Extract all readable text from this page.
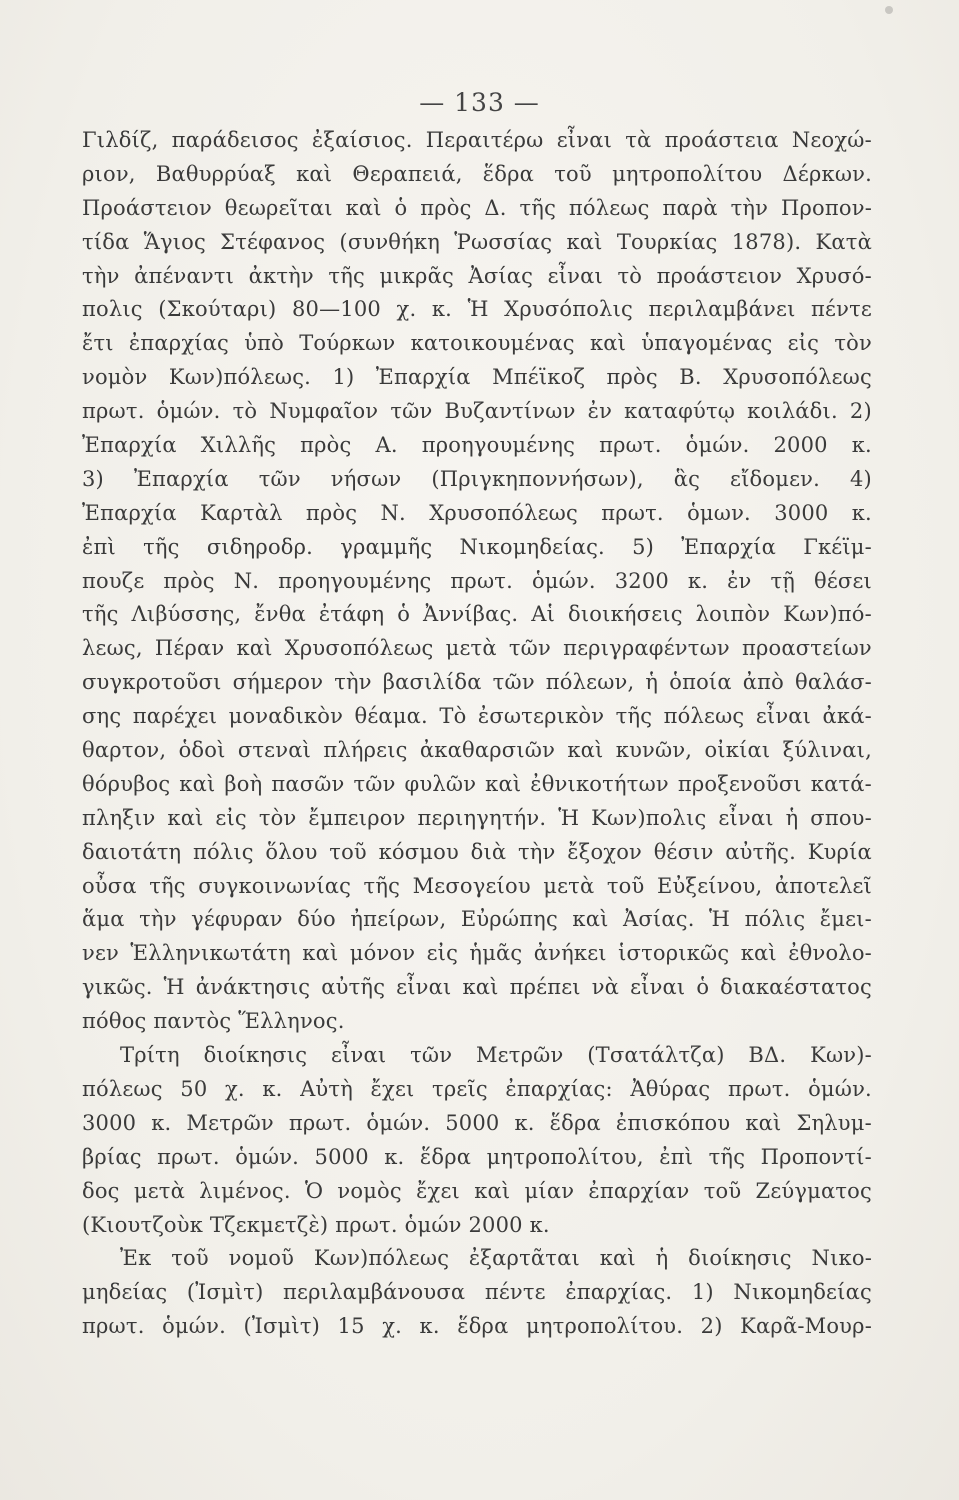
— 133 —
Γιλδίζ, παράδεισος ἐξαίσιος. Περαιτέρω εἶναι τὰ προάστεια Νεοχώ-
ριον, Βαθυρρύαξ καὶ Θεραπειά, ἕδρα τοῦ μητροπολίτου Δέρκων.
Προάστειον θεωρεῖται καὶ ὁ πρὸς Δ. τῆς πόλεως παρὰ τὴν Προπον-
τίδα Ἅγιος Στέφανος (συνθήκη Ῥωσσίας καὶ Τουρκίας 1878). Κατὰ
τὴν ἀπέναντι ἀκτὴν τῆς μικρᾶς Ἀσίας εἶναι τὸ προάστειον Χρυσό-
πολις (Σκούταρι) 80—100 χ. κ. Ἡ Χρυσόπολις περιλαμβάνει πέντε
ἔτι ἐπαρχίας ὑπὸ Τούρκων κατοικουμένας καὶ ὑπαγομένας εἰς τὸν
νομὸν Κων)πόλεως. 1) Ἐπαρχία Μπέϊκοζ πρὸς Β. Χρυσοπόλεως
πρωτ. ὁμών. τὸ Νυμφαῖον τῶν Βυζαντίνων ἐν καταφύτῳ κοιλάδι. 2)
Ἐπαρχία Χιλλῆς πρὸς Α. προηγουμένης πρωτ. ὁμών. 2000 κ.
3) Ἐπαρχία τῶν νήσων (Πριγκηποννήσων), ἃς εἴδομεν. 4)
Ἐπαρχία Καρτὰλ πρὸς Ν. Χρυσοπόλεως πρωτ. ὁμων. 3000 κ.
ἐπὶ τῆς σιδηροδρ. γραμμῆς Νικομηδείας. 5) Ἐπαρχία Γκέϊμ-
πουζε πρὸς Ν. προηγουμένης πρωτ. ὁμών. 3200 κ. ἐν τῇ θέσει
τῆς Λιβύσσης, ἔνθα ἐτάφη ὁ Ἀννίβας. Αἱ διοικήσεις λοιπὸν Κων)πό-
λεως, Πέραν καὶ Χρυσοπόλεως μετὰ τῶν περιγραφέντων προαστείων
συγκροτοῦσι σήμερον τὴν βασιλίδα τῶν πόλεων, ἡ ὁποία ἀπὸ θαλάσ-
σης παρέχει μοναδικὸν θέαμα. Τὸ ἐσωτερικὸν τῆς πόλεως εἶναι ἀκά-
θαρτον, ὁδοὶ στεναὶ πλήρεις ἀκαθαρσιῶν καὶ κυνῶν, οἰκίαι ξύλιναι,
θόρυβος καὶ βοὴ πασῶν τῶν φυλῶν καὶ ἐθνικοτήτων προξενοῦσι κατά-
πληξιν καὶ εἰς τὸν ἔμπειρον περιηγητήν. Ἡ Κων)πολις εἶναι ἡ σπου-
δαιοτάτη πόλις ὅλου τοῦ κόσμου διὰ τὴν ἔξοχον θέσιν αὐτῆς. Κυρία
οὖσα τῆς συγκοινωνίας τῆς Μεσογείου μετὰ τοῦ Εὐξείνου, ἀποτελεῖ
ἅμα τὴν γέφυραν δύο ἠπείρων, Εὐρώπης καὶ Ἀσίας. Ἡ πόλις ἔμει-
νεν Ἑλληνικωτάτη καὶ μόνον εἰς ἡμᾶς ἀνήκει ἱστορικῶς καὶ ἐθνολο-
γικῶς. Ἡ ἀνάκτησις αὐτῆς εἶναι καὶ πρέπει νὰ εἶναι ὁ διακαέστατος
πόθος παντὸς Ἕλληνος.
Τρίτη διοίκησις εἶναι τῶν Μετρῶν (Τσατάλτζα) ΒΔ. Κων)-
πόλεως 50 χ. κ. Αὐτὴ ἔχει τρεῖς ἐπαρχίας: Ἀθύρας πρωτ. ὁμών.
3000 κ. Μετρῶν πρωτ. ὁμών. 5000 κ. ἕδρα ἐπισκόπου καὶ Σηλυμ-
βρίας πρωτ. ὁμών. 5000 κ. ἕδρα μητροπολίτου, ἐπὶ τῆς Προποντί-
δος μετὰ λιμένος. Ὁ νομὸς ἔχει καὶ μίαν ἐπαρχίαν τοῦ Ζεύγματος
(Κιουτζοὺκ Τζεκμετζὲ) πρωτ. ὁμών 2000 κ.
Ἐκ τοῦ νομοῦ Κων)πόλεως ἐξαρτᾶται καὶ ἡ διοίκησις Νικο-
μηδείας (Ἰσμὶτ) περιλαμβάνουσα πέντε ἐπαρχίας. 1) Νικομηδείας
πρωτ. ὁμών. (Ἰσμὶτ) 15 χ. κ. ἕδρα μητροπολίτου. 2) Καρᾶ-Μουρ-
